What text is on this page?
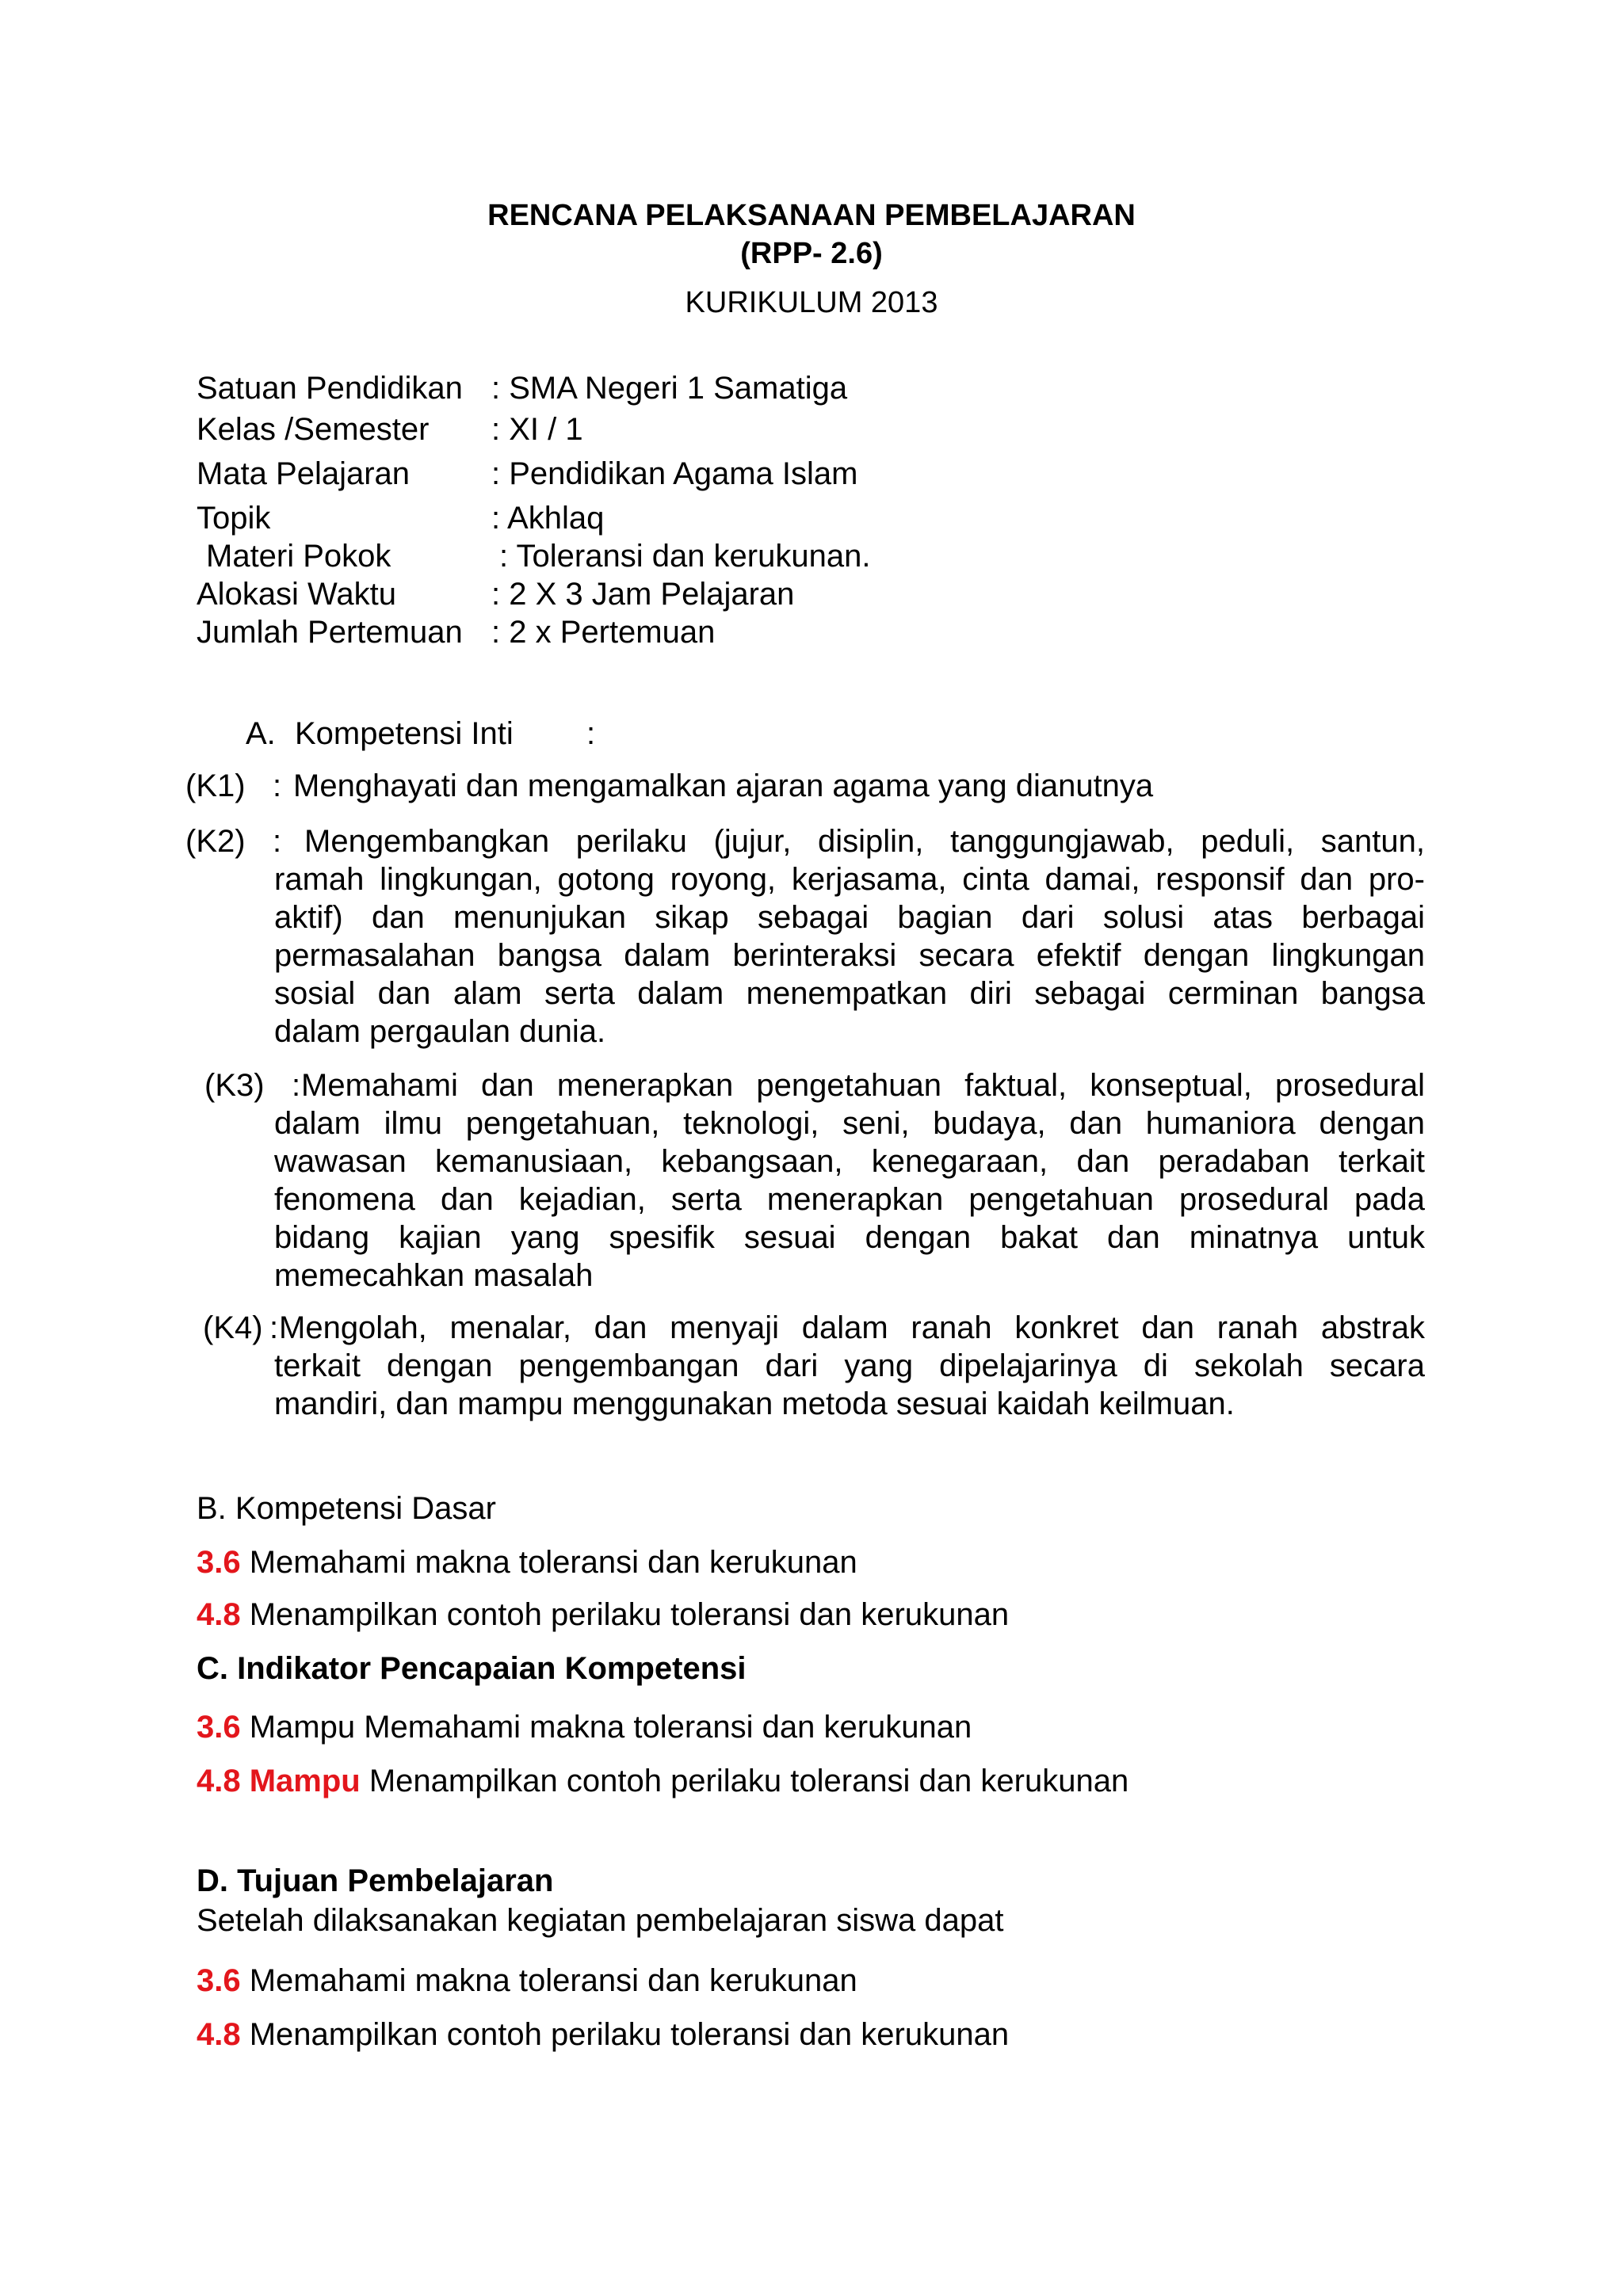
RENCANA PELAKSANAAN PEMBELAJARAN
(RPP- 2.6)
KURIKULUM 2013
Satuan Pendidikan : SMA Negeri 1 Samatiga
Kelas /Semester : XI / 1
Mata Pelajaran	: Pendidikan Agama Islam
Topik	: Akhlaq
Materi Pokok	: Toleransi dan kerukunan.
Alokasi Waktu	: 2 X 3 Jam Pelajaran
Jumlah Pertemuan : 2 x Pertemuan
A. Kompetensi Inti :
(K1) : Menghayati dan mengamalkan ajaran agama yang dianutnya
(K2) : Mengembangkan perilaku (jujur, disiplin, tanggungjawab, peduli, santun,
ramah lingkungan, gotong royong, kerjasama, cinta damai, responsif dan pro-
aktif) dan menunjukan sikap sebagai bagian dari solusi atas berbagai
permasalahan bangsa dalam berinteraksi secara efektif dengan lingkungan
sosial dan alam serta dalam menempatkan diri sebagai cerminan bangsa
dalam pergaulan dunia.
(K3) : Memahami dan menerapkan pengetahuan faktual, konseptual, prosedural
dalam ilmu pengetahuan, teknologi, seni, budaya, dan humaniora dengan
wawasan kemanusiaan, kebangsaan, kenegaraan, dan peradaban terkait
fenomena dan kejadian, serta menerapkan pengetahuan prosedural pada
bidang kajian yang spesifik sesuai dengan bakat dan minatnya untuk
memecahkan masalah
(K4) : Mengolah, menalar, dan menyaji dalam ranah konkret dan ranah abstrak
terkait dengan pengembangan dari yang dipelajarinya di sekolah secara
mandiri, dan mampu menggunakan metoda sesuai kaidah keilmuan.
B. Kompetensi Dasar
3.6 Memahami makna toleransi dan kerukunan
4.8 Menampilkan contoh perilaku toleransi dan kerukunan
C. Indikator Pencapaian Kompetensi
3.6 Mampu Memahami makna toleransi dan kerukunan
4.8 Mampu Menampilkan contoh perilaku toleransi dan kerukunan
D. Tujuan Pembelajaran
Setelah dilaksanakan kegiatan pembelajaran siswa dapat
3.6 Memahami makna toleransi dan kerukunan
4.8 Menampilkan contoh perilaku toleransi dan kerukunan
